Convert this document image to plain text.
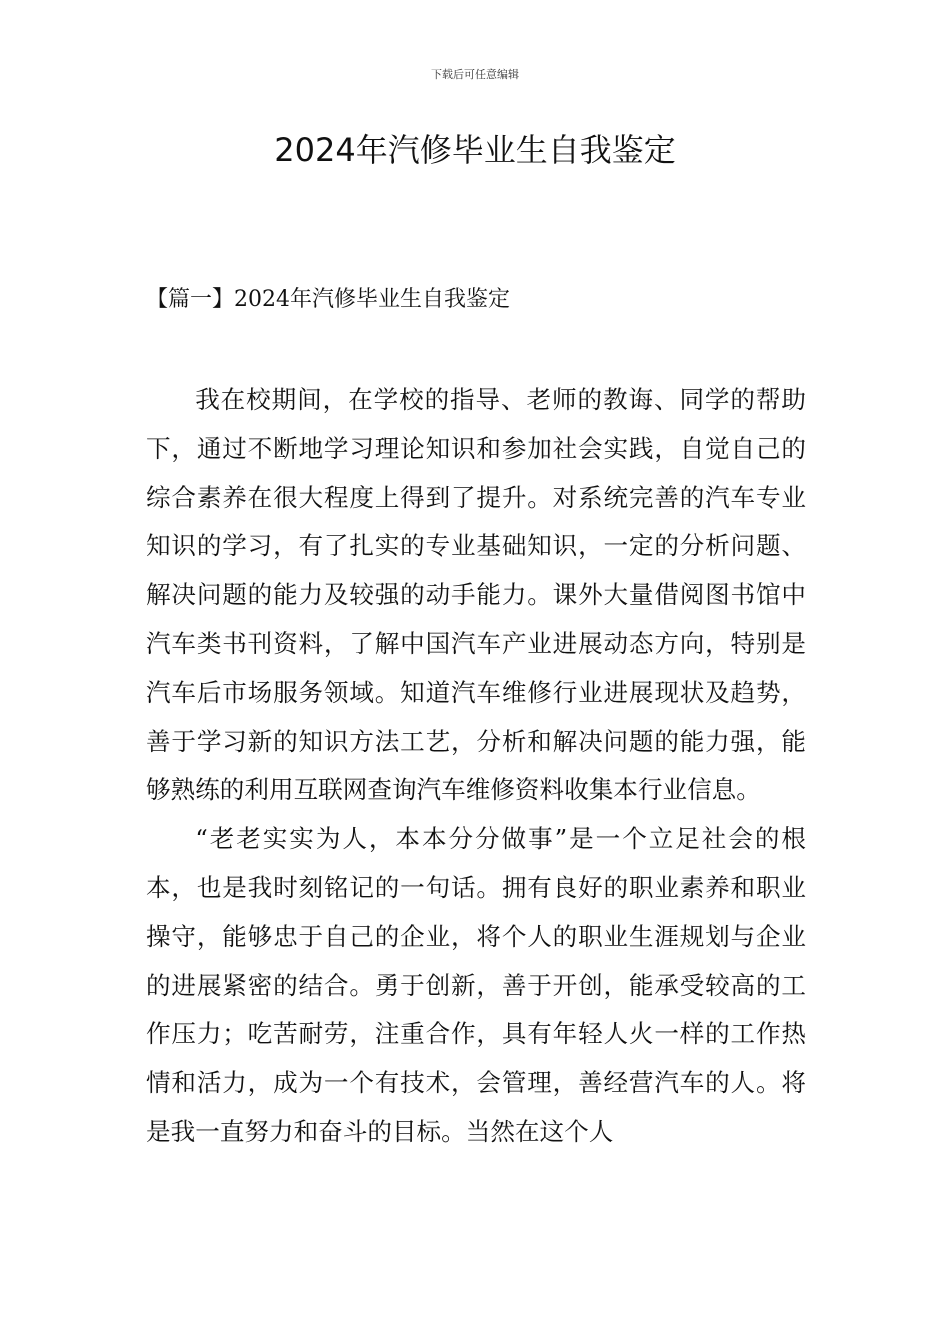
下载后可任意编辑
2024年汽修毕业生自我鉴定
【篇一】2024年汽修毕业生自我鉴定

我在校期间，在学校的指导、老师的教诲、同学的帮助下，通过不断地学习理论知识和参加社会实践，自觉自己的综合素养在很大程度上得到了提升。对系统完善的汽车专业知识的学习，有了扎实的专业基础知识，一定的分析问题、解决问题的能力及较强的动手能力。课外大量借阅图书馆中汽车类书刊资料，了解中国汽车产业进展动态方向，特别是汽车后市场服务领域。知道汽车维修行业进展现状及趋势，善于学习新的知识方法工艺，分析和解决问题的能力强，能够熟练的利用互联网查询汽车维修资料收集本行业信息。

“老老实实为人，本本分分做事”是一个立足社会的根本，也是我时刻铭记的一句话。拥有良好的职业素养和职业操守，能够忠于自己的企业，将个人的职业生涯规划与企业的进展紧密的结合。勇于创新，善于开创，能承受较高的工作压力；吃苦耐劳，注重合作，具有年轻人火一样的工作热情和活力，成为一个有技术，会管理，善经营汽车的人。将是我一直努力和奋斗的目标。当然在这个人
